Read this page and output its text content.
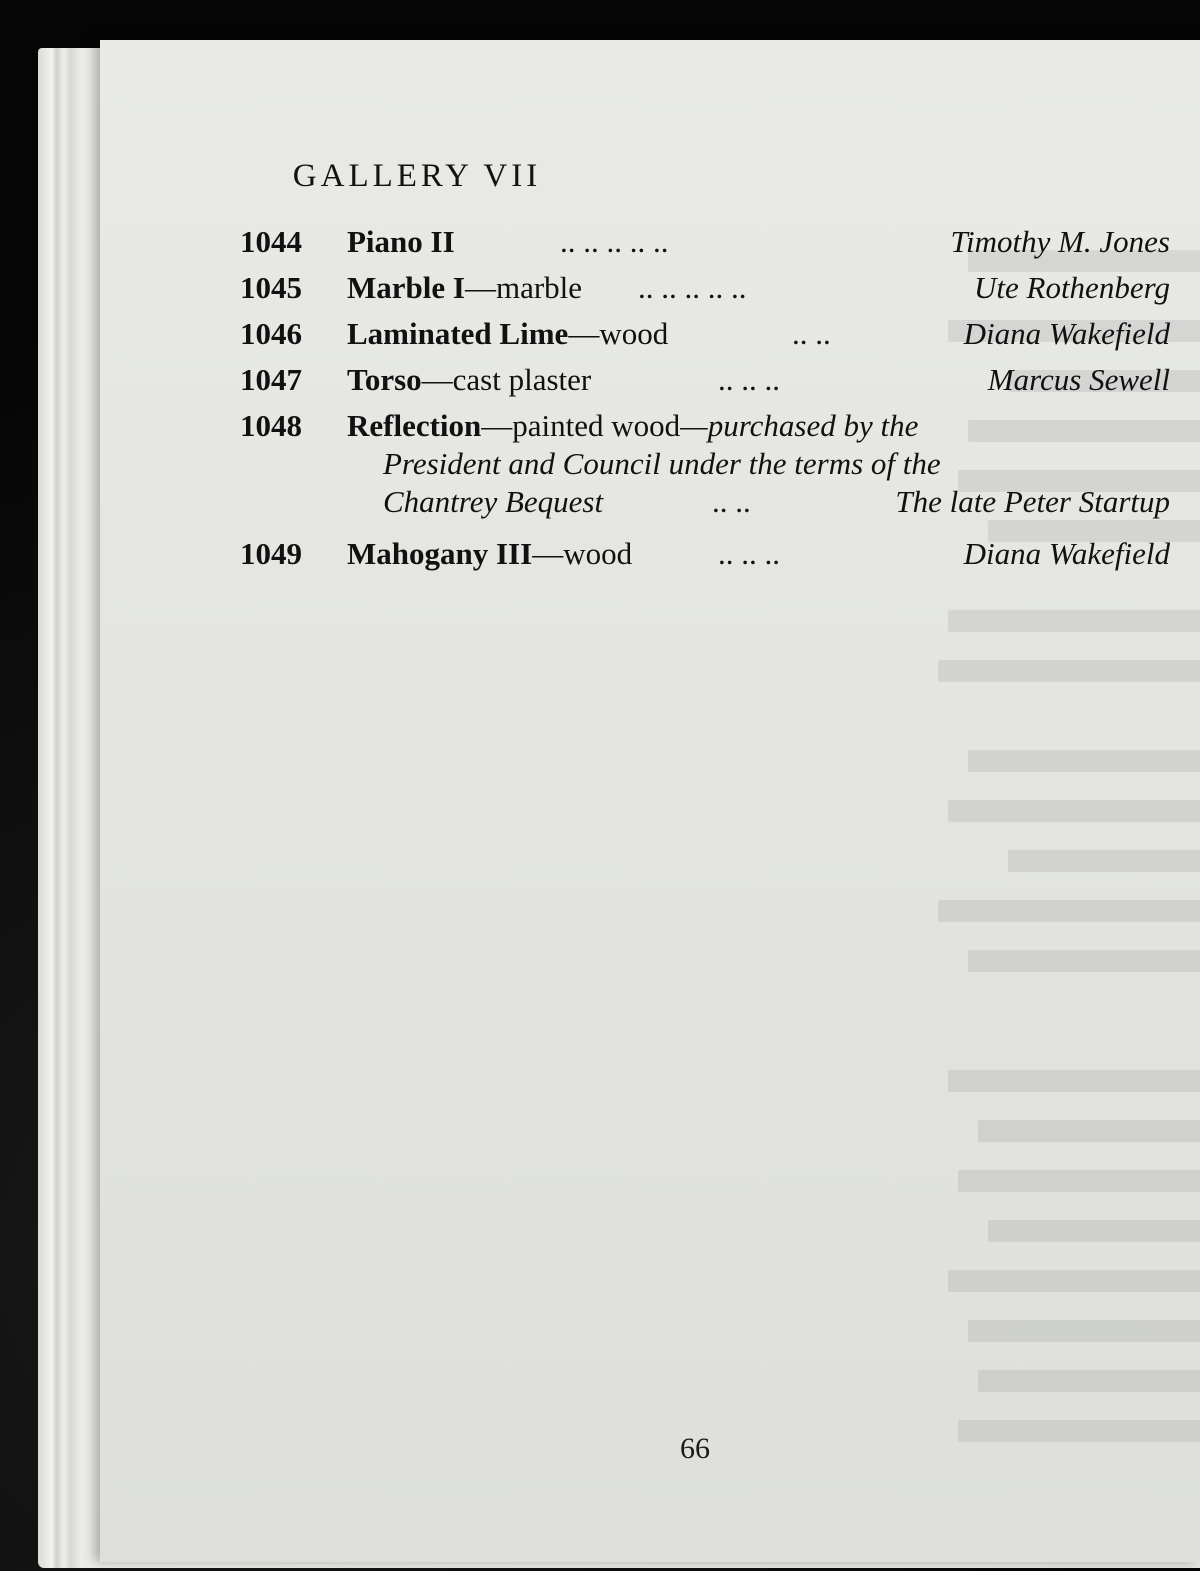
GALLERY VII
1044 Piano II	.. .. .. .. ..	Timothy M. Jones
1045 Marble I—marble .. .. .. .. ..	Ute Rothenberg
1046 Laminated Lime—wood	.. ..	Diana Wakefield
1047 Torso—cast plaster	.. .. ..	Marcus Sewell
1048 Reflection—painted wood—purchased by the
President and Council under the terms of the
Chantrey Bequest	.. ..	The late Peter Startup
1049 Mahogany III—wood	.. .. ..	Diana Wakefield
66
